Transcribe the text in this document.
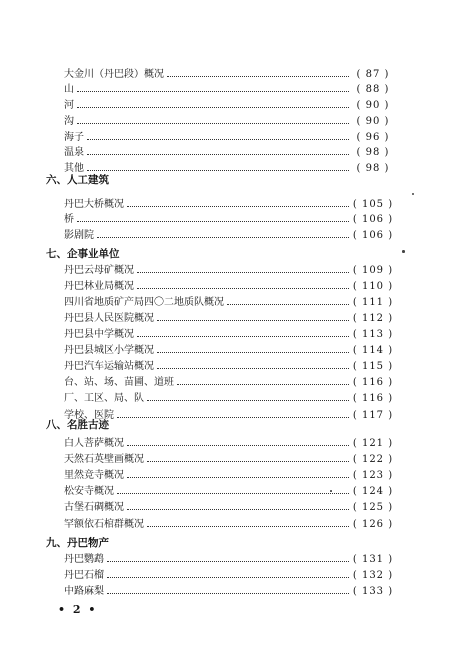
大金川（丹巴段）概况	( 87 )
山	( 88 )
河	( 90 )
沟	( 90 )
海子	( 96 )
温泉	( 98 )
其他	( 98 )
六、人工建筑
丹巴大桥概况	( 105 )
桥	( 106 )
影剧院	( 106 )
七、企事业单位
丹巴云母矿概况	( 109 )
丹巴林业局概况	( 110 )
四川省地质矿产局四〇二地质队概况	( 111 )
丹巴县人民医院概况	( 112 )
丹巴县中学概况	( 113 )
丹巴县城区小学概况	( 114 )
丹巴汽车运输站概况	( 115 )
台、站、场、苗圃、道班	( 116 )
厂、工区、局、队	( 116 )
学校、医院	( 117 )
八、名胜古迹
白人菩萨概况	( 121 )
天然石英壁画概况	( 122 )
里然竞寺概况	( 123 )
松安寺概况	( 124 )
古堡石碉概况	( 125 )
罕额依石棺群概况	( 126 )
九、丹巴物产
丹巴鹦鹉	( 131 )
丹巴石榴	( 132 )
中路麻梨	( 133 )
• 2 •
